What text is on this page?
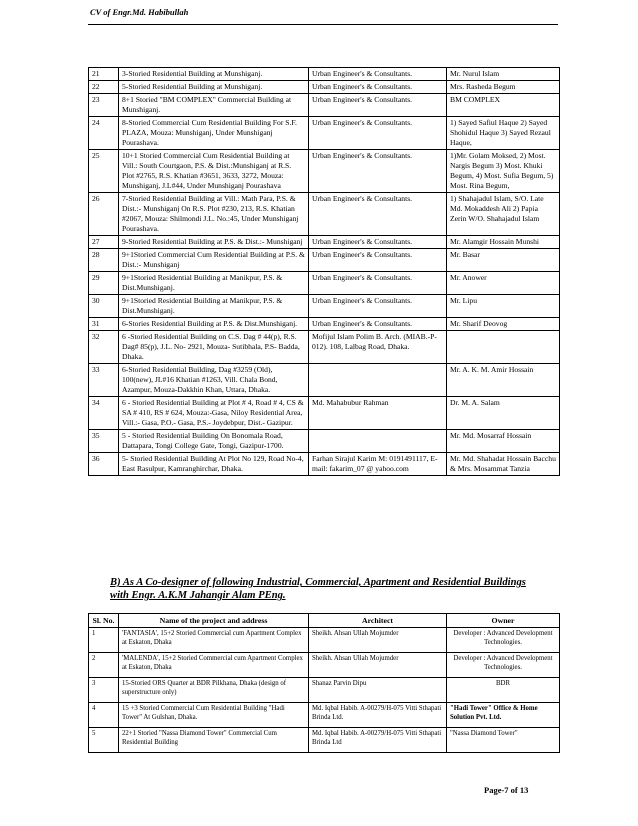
CV of Engr.Md. Habibullah
21	3-Storied Residential Building at Munshiganj.	Urban Engineer's & Consultants.	Mr. Nurul Islam
22	5-Storied Residential Building at Munshiganj.	Urban Engineer's & Consultants.	Mrs. Rasheda Begum
23	8+1 Storied "BM COMPLEX" Commercial Building at Munshiganj.	Urban Engineer's & Consultants.	BM COMPLEX
24	8-Storied Commercial Cum Residential Building For S.F. PLAZA, Mouza: Munshiganj, Under Munshiganj Pourashava.	Urban Engineer's & Consultants.	1) Sayed Safiul Haque 2) Sayed Shohidul Haque 3) Sayed Rezaul Haque,
25	10+1 Storied Commercial Cum Residential Building at Vill.: South Courtgaon, P.S. & Dist.:Munshiganj at R.S. Plot #2765, R.S. Khatian #3651, 3633, 3272, Mouza: Munshiganj, J.L#44, Under Munshiganj Pourashava	Urban Engineer's & Consultants.	1)Mr. Golam Moksed, 2) Most. Nargis Begum 3) Most. Khuki Begum, 4) Most. Sufia Begum, 5) Most. Rina Begum,
26	7-Storied Residential Building at Vill.: Math Para, P.S. & Dist.:- Munshiganj On R.S. Plot #230, 213, R.S. Khatian #2067, Mouza: Shilmondi J.L. No.:45, Under Munshiganj Pourashava.	Urban Engineer's & Consultants.	1) Shahajadul Islam, S/O. Late Md. Mokaddesh Ali 2) Papia Zerin W/O. Shahajadul Islam
27	9-Storied Residential Building at P.S. & Dist.:- Munshiganj	Urban Engineer's & Consultants.	Mr. Alamgir Hossain Munshi
28	9+1Storied Commercial Cum Residential Building at P.S. & Dist.:- Munshiganj	Urban Engineer's & Consultants.	Mr. Basar
29	9+1Storied Residential Building at Manikpur, P.S. & Dist.Munshiganj.	Urban Engineer's & Consultants.	Mr. Anower
30	9+1Storied Residential Building at Manikpur, P.S. & Dist.Munshiganj.	Urban Engineer's & Consultants.	Mr. Lipu
31	6-Stories Residential Building at P.S. & Dist.Munshiganj.	Urban Engineer's & Consultants.	Mr. Sharif Deovog
32	6 -Storied Residential Building on C.S. Dag # 44(p), R.S. Dag# 85(p), J.L. No- 2921, Mouza- Sutibhala, P.S- Badda, Dhaka.	Mofijul Islam Polim B. Arch. (MIAB.-P-012). 108, Lalbag Road, Dhaka.	
33	6-Storied Residential Building, Dag #3259 (Old), 100(new), JL#16 Khatian #1263, Vill. Chala Bond, Azampur, Mouza-Dakkhin Khan, Uttara, Dhaka.		Mr. A. K. M. Amir Hossain
34	6 - Storied Residential Building at Plot # 4, Road # 4, CS & SA # 410, RS # 624, Mouza:-Gasa, Niloy Residential Area, Vill.:- Gasa, P.O.- Gasa, P.S.- Joydebpur, Dist.- Gazipur.	Md. Mahabubur Rahman	Dr. M. A. Salam
35	5 - Storied Residential Building On Bonomala Road, Dattapara, Tongi College Gate, Tongi, Gazipur-1700.		Mr. Md. Mosarraf Hossain
36	5- Storied Residential Building At Plot No 129, Road No-4, East Rasulpur, Kamranghirchar, Dhaka.	Farhan Sirajul Karim M: 0191491117, E-mail: fakarim_07 @ yahoo.com	Mr. Md. Shahadat Hossain Bacchu & Mrs. Mosammat Tanzia
B) As A Co-designer of following Industrial, Commercial, Apartment and Residential Buildings with Engr. A.K.M Jahangir Alam PEng.
Sl. No.	Name of the project and address	Architect	Owner
1	'FANTASIA', 15+2 Storied Commercial cum Apartment Complex at Eskaton, Dhaka	Sheikh. Ahsan Ullah Mojumder	Developer : Advanced Development Technologies.
2	'MALENDA', 15+2 Storied Commercial cum Apartment Complex at Eskaton, Dhaka	Sheikh. Ahsan Ullah Mojumder	Developer : Advanced Development Technologies.
3	15-Storied ORS Quarter at BDR Pilkhana, Dhaka (design of superstructure only)	Shanaz Parvin Dipu	BDR
4	15 +3 Storied Commercial Cum Residential Building "Hadi Tower" At Gulshan, Dhaka.	Md. Iqbal Habib. A-00279/H-075 Vitti Sthapati Brinda Ltd.	"Hadi Tower" Office & Home Solution Pvt. Ltd.
5	22+1 Storied "Nassa Diamond Tower" Commercial Cum Residential Building	Md. Iqbal Habib. A-00279/H-075 Vitti Sthapati Brinda Ltd	"Nassa Diamond Tower"
Page-7 of 13
